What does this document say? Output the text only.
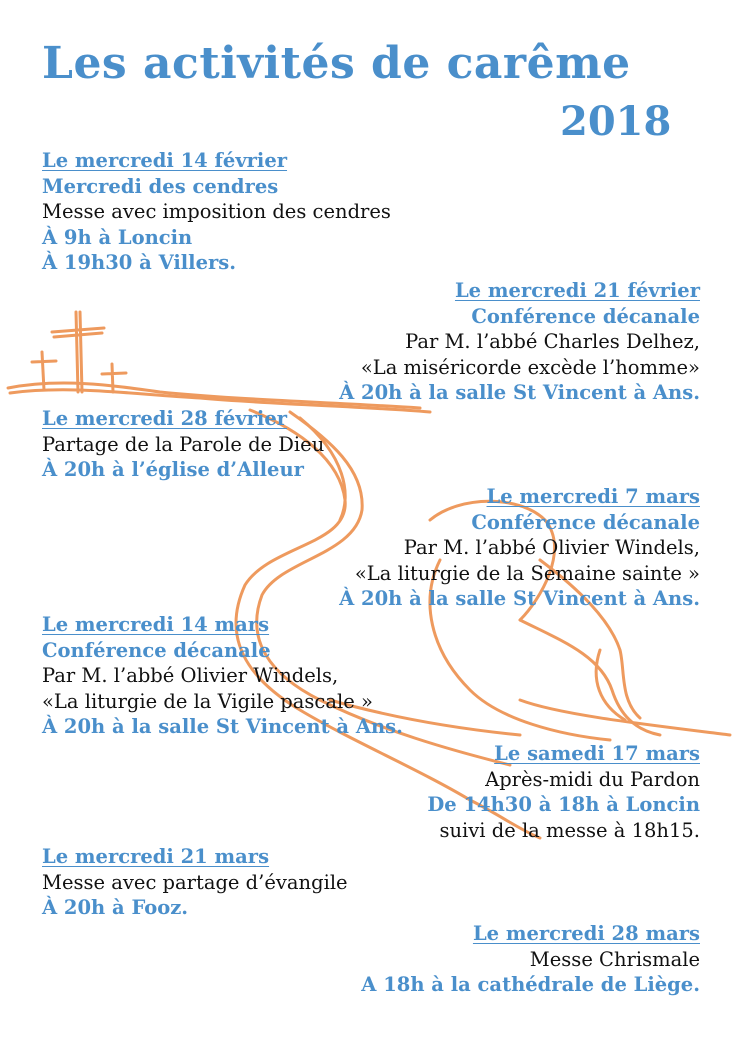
Les activités de carême
2018
Le mercredi 14 février
Mercredi des cendres
Messe avec imposition des cendres
À 9h à Loncin
À 19h30 à Villers.
Le mercredi 21 février
Conférence décanale
Par M. l’abbé Charles Delhez,
«La miséricorde excède l’homme»
À 20h à la salle St Vincent à Ans.
Le mercredi 28 février
Partage de la Parole de Dieu
À 20h à l’église d’Alleur
Le mercredi 7 mars
Conférence décanale
Par M. l’abbé Olivier Windels,
«La liturgie de la Semaine sainte »
À 20h à la salle St Vincent à Ans.
Le mercredi 14 mars
Conférence décanale
Par M. l’abbé Olivier Windels,
«La liturgie de la Vigile pascale »
À 20h à la salle St Vincent à Ans.
Le samedi 17 mars
Après-midi du Pardon
De 14h30 à 18h à Loncin
suivi de la messe à 18h15.
Le mercredi 21 mars
Messe avec partage d’évangile
À 20h à Fooz.
Le mercredi 28 mars
Messe Chrismale
A 18h à la cathédrale de Liège.
